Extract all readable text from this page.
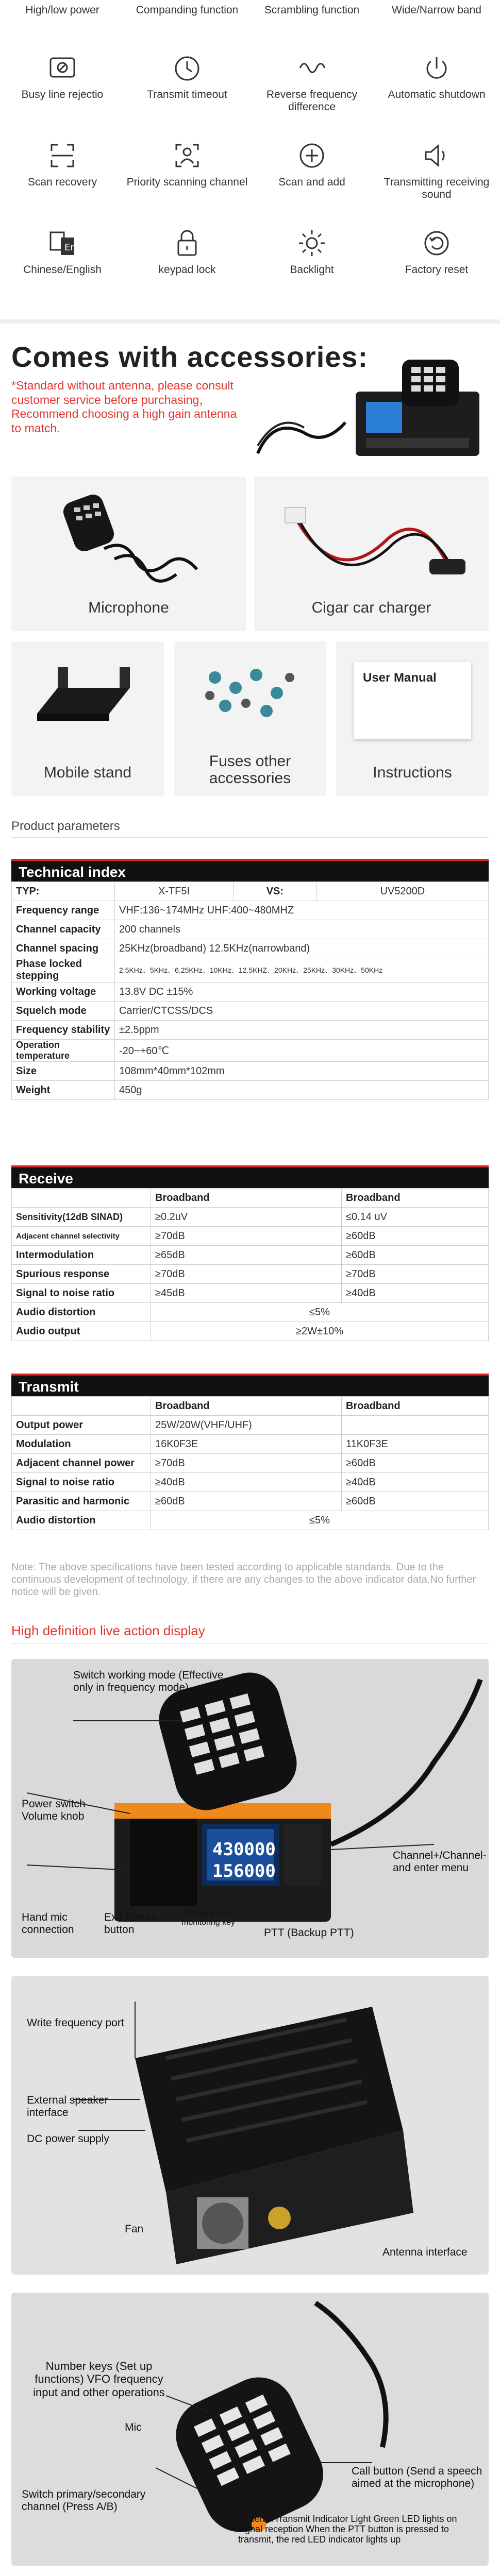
High/low power	Companding function	Scrambling function	Wide/Narrow band
Busy line rejectio	Transmit timeout	Reverse frequency difference
Automatic shutdown
Scan recovery	Priority scanning channel	Scan and add	Transmitting receiving sound
En
Chinese/English	keypad lock	Backlight	Factory reset
Comes with accessories:
*Standard without antenna, please consult customer service before purchasing， Recommend choosing a high gain antenna to match.
Microphone	Cigar car charger
Mobile stand
Fuses other accessories
User Manual
Instructions
Product parameters
Technical index
TYP:	X-TF5I	VS:	UV5200D
Frequency range	VHF:136~174MHz UHF:400~480MHZ		
Channel capacity	200 channels		
Channel spacing	25KHz(broadband) 12.5KHz(narrowband)		
Phase locked stepping	2.5KHz、5KHz、6.25KHz、10KHz、12.5KHZ、20KHz、25KHz、30KHz、50KHz		
Working voltage	13.8V DC ±15%		
Squelch mode	Carrier/CTCSS/DCS		
Frequency stability	±2.5ppm		
Operation temperature	-20~+60℃		
Size	108mm*40mm*102mm		
Weight	450g		
Receive
	Broadband	Broadband
Sensitivity(12dB SINAD)	≥0.2uV	≤0.14 uV
Adjacent channel selectivity	≥70dB	≥60dB
Intermodulation	≥65dB	≥60dB
Spurious response	≥70dB	≥70dB
Signal to noise ratio	≥45dB	≥40dB
Audio distortion	≤5%	
Audio output	≥2W±10%	
Transmit
	Broadband	Broadband
Output power	25W/20W(VHF/UHF)	
Modulation	16K0F3E	11K0F3E
Adjacent channel power	≥70dB	≥60dB
Signal to noise ratio	≥40dB	≥40dB
Parasitic and harmonic	≥60dB	≥60dB
Audio distortion	≤5%	
Note: The above specifications have been tested according to applicable standards. Due to the continuous development of technology, if there are any changes to the above indicator data.No further notice will be given.
High definition live action display
430000
156000
Switch working mode (Effective only in frequency mode)
Power switch Volume knob
Channel+/Channel- and enter menu
Hand mic connection
Exit Return button
Display panel monitoring key
PTT (Backup PTT)
Write frequency port
External speaker interface
DC power supply
Fan
Antenna interface
Number keys (Set up functions) VFO frequency input and other operations
Mic
Switch primary/secondary channel (Press A/B)
Call button (Send a speech aimed at the microphone)
Receive/Transmit Indicator Light Green LED lights on signal reception When the PTT button is pressed to transmit, the red LED indicator lights up
